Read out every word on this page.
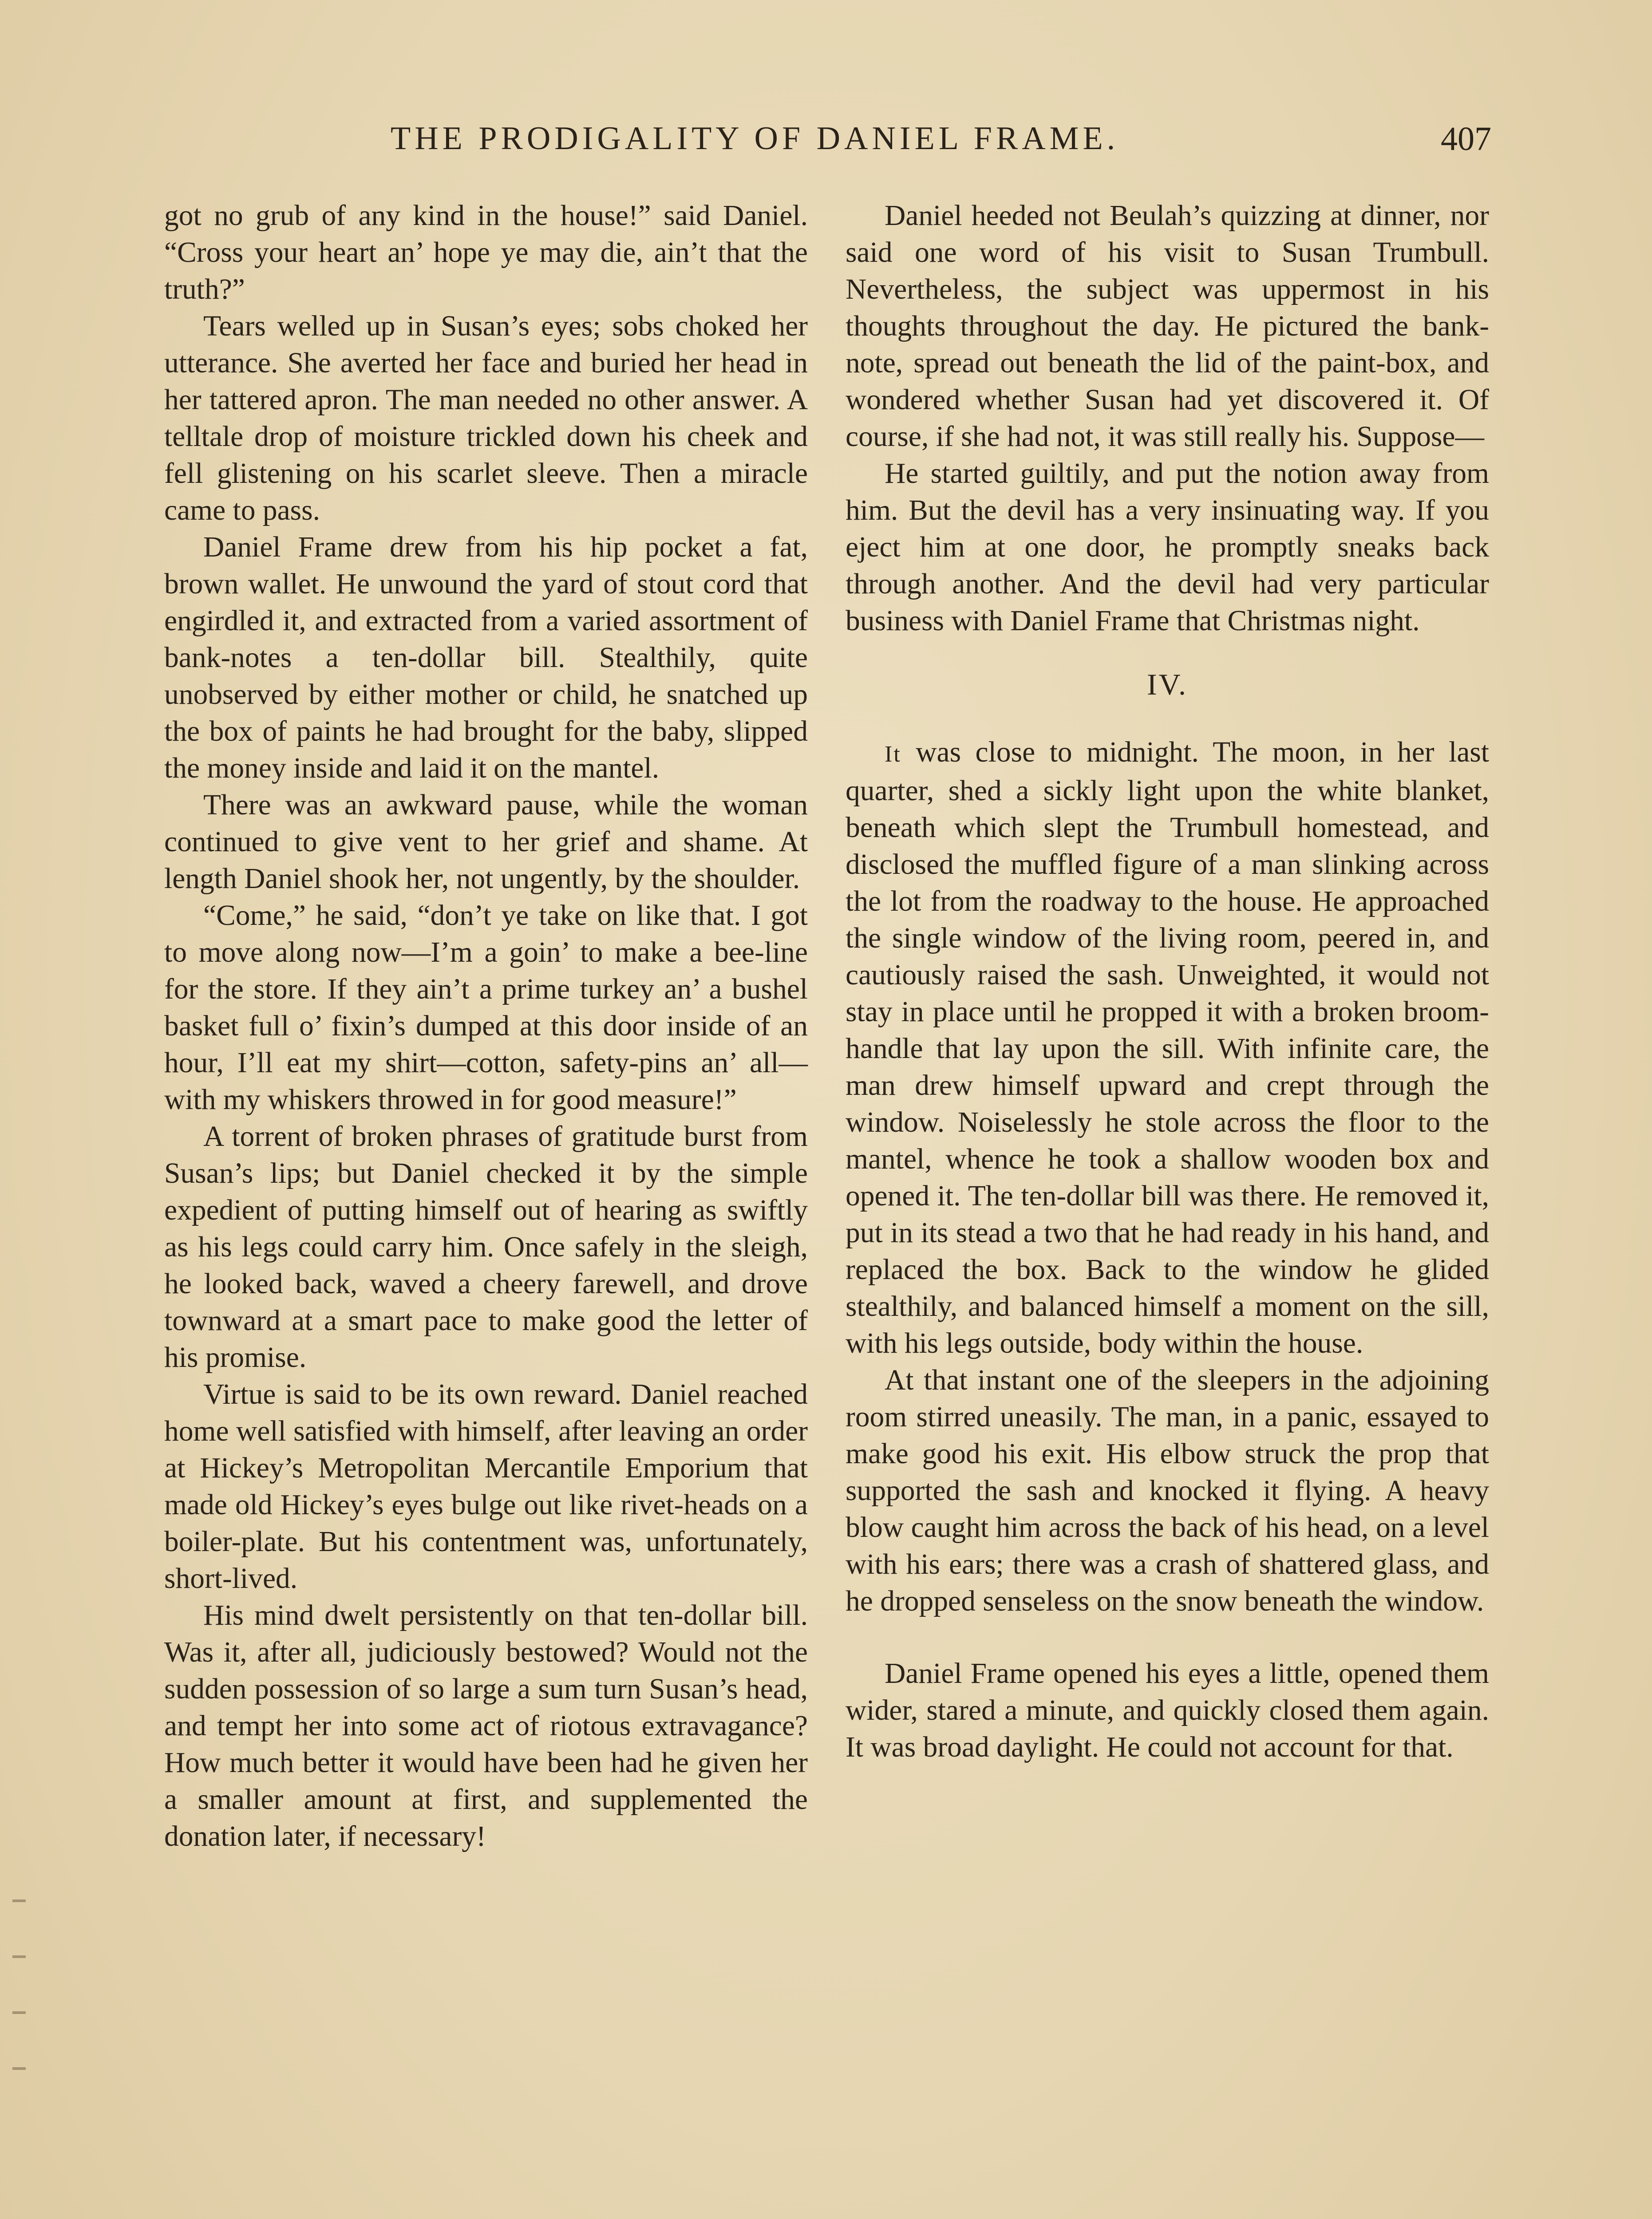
THE PRODIGALITY OF DANIEL FRAME.	407

got no grub of any kind in the house!” said Daniel. “Cross your heart an’ hope ye may die, ain’t that the truth?”

Tears welled up in Susan’s eyes; sobs choked her utterance. She averted her face and buried her head in her tattered apron. The man needed no other answer. A telltale drop of moisture trickled down his cheek and fell glistening on his scarlet sleeve. Then a miracle came to pass.

Daniel Frame drew from his hip pocket a fat, brown wallet. He unwound the yard of stout cord that engirdled it, and extracted from a varied assortment of bank-notes a ten-dollar bill. Stealthily, quite unobserved by either mother or child, he snatched up the box of paints he had brought for the baby, slipped the money inside and laid it on the mantel.

There was an awkward pause, while the woman continued to give vent to her grief and shame. At length Daniel shook her, not ungently, by the shoulder.

“Come,” he said, “don’t ye take on like that. I got to move along now—I’m a goin’ to make a bee-line for the store. If they ain’t a prime turkey an’ a bushel basket full o’ fixin’s dumped at this door inside of an hour, I’ll eat my shirt—cotton, safety-pins an’ all—with my whiskers throwed in for good measure!”

A torrent of broken phrases of gratitude burst from Susan’s lips; but Daniel checked it by the simple expedient of putting himself out of hearing as swiftly as his legs could carry him. Once safely in the sleigh, he looked back, waved a cheery farewell, and drove townward at a smart pace to make good the letter of his promise.

Virtue is said to be its own reward. Daniel reached home well satisfied with himself, after leaving an order at Hickey’s Metropolitan Mercantile Emporium that made old Hickey’s eyes bulge out like rivet-heads on a boiler-plate. But his contentment was, unfortunately, short-lived.

His mind dwelt persistently on that ten-dollar bill. Was it, after all, judiciously bestowed? Would not the sudden possession of so large a sum turn Susan’s head, and tempt her into some act of riotous extravagance? How much better it would have been had he given her a smaller amount at first, and supplemented the donation later, if necessary!

Daniel heeded not Beulah’s quizzing at dinner, nor said one word of his visit to Susan Trumbull. Nevertheless, the subject was uppermost in his thoughts throughout the day. He pictured the bank-note, spread out beneath the lid of the paint-box, and wondered whether Susan had yet discovered it. Of course, if she had not, it was still really his. Suppose—

He started guiltily, and put the notion away from him. But the devil has a very insinuating way. If you eject him at one door, he promptly sneaks back through another. And the devil had very particular business with Daniel Frame that Christmas night.

IV.

It was close to midnight. The moon, in her last quarter, shed a sickly light upon the white blanket, beneath which slept the Trumbull homestead, and disclosed the muffled figure of a man slinking across the lot from the roadway to the house. He approached the single window of the living room, peered in, and cautiously raised the sash. Unweighted, it would not stay in place until he propped it with a broken broom-handle that lay upon the sill. With infinite care, the man drew himself upward and crept through the window. Noiselessly he stole across the floor to the mantel, whence he took a shallow wooden box and opened it. The ten-dollar bill was there. He removed it, put in its stead a two that he had ready in his hand, and replaced the box. Back to the window he glided stealthily, and balanced himself a moment on the sill, with his legs outside, body within the house.

At that instant one of the sleepers in the adjoining room stirred uneasily. The man, in a panic, essayed to make good his exit. His elbow struck the prop that supported the sash and knocked it flying. A heavy blow caught him across the back of his head, on a level with his ears; there was a crash of shattered glass, and he dropped senseless on the snow beneath the window.

Daniel Frame opened his eyes a little, opened them wider, stared a minute, and quickly closed them again. It was broad daylight. He could not account for that.
